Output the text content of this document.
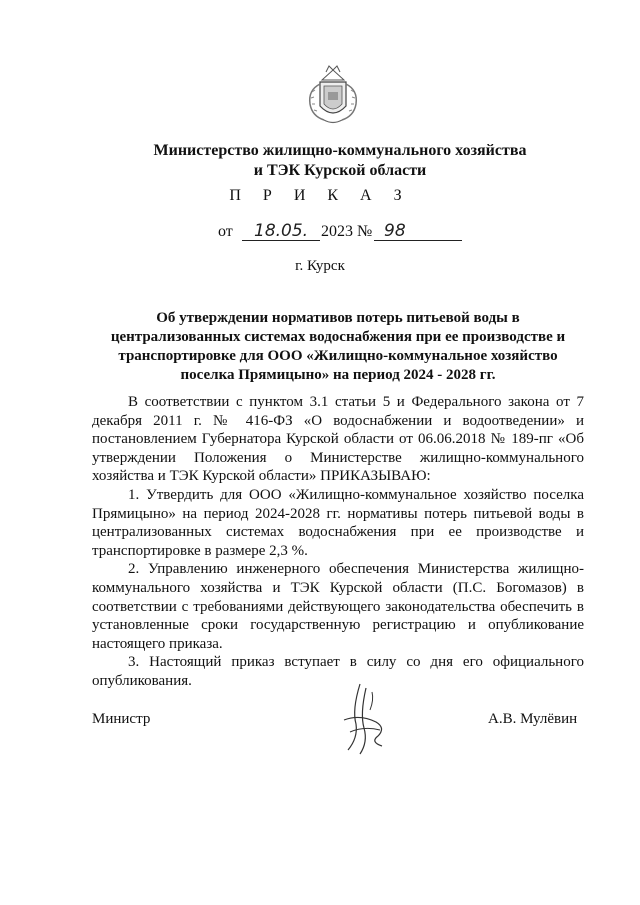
Министерство жилищно-коммунального хозяйства
и ТЭК Курской области
П Р И К А З
от 18.05. 2023 № 98
г. Курск
Об утверждении нормативов потерь питьевой воды в
централизованных системах водоснабжения при ее производстве и
транспортировке для ООО «Жилищно-коммунальное хозяйство
поселка Прямицыно» на период 2024 - 2028 гг.

В соответствии с пунктом 3.1 статьи 5 и Федерального закона от 7 декабря 2011 г. № 416-ФЗ «О водоснабжении и водоотведении» и постановлением Губернатора Курской области от 06.06.2018 № 189-пг «Об утверждении Положения о Министерстве жилищно-коммунального хозяйства и ТЭК Курской области» ПРИКАЗЫВАЮ:

1. Утвердить для ООО «Жилищно-коммунальное хозяйство поселка Прямицыно» на период 2024-2028 гг. нормативы потерь питьевой воды в централизованных системах водоснабжения при ее производстве и транспортировке в размере 2,3 %.

2. Управлению инженерного обеспечения Министерства жилищно-коммунального хозяйства и ТЭК Курской области (П.С. Богомазов) в соответствии с требованиями действующего законодательства обеспечить в установленные сроки государственную регистрацию и опубликование настоящего приказа.

3. Настоящий приказ вступает в силу со дня его официального опубликования.

Министр	А.В. Мулёвин
